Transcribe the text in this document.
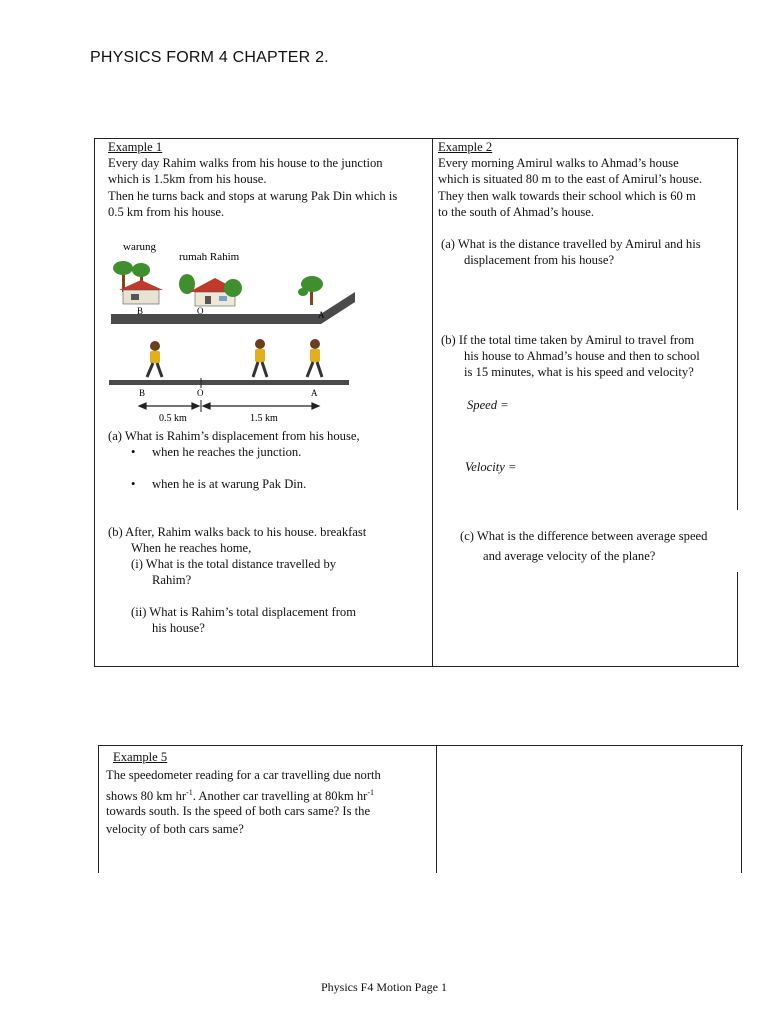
PHYSICS FORM 4 CHAPTER 2.
Example 1
Every day Rahim walks from his house to the junction
which is 1.5km from his house.
Then he turns back and stops at warung Pak Din which is
0.5 km from his house.
warung
rumah Rahim
B	O	A
B	O	A
0.5 km	1.5 km
(a) What is Rahim’s displacement from his house,
• when he reaches the junction.
• when he is at warung Pak Din.
(b) After, Rahim walks back to his house. breakfast
When he reaches home,
(i) What is the total distance travelled by
Rahim?
(ii) What is Rahim’s total displacement from
his house?
Example 2
Every morning Amirul walks to Ahmad’s house
which is situated 80 m to the east of Amirul’s house.
They then walk towards their school which is 60 m
to the south of Ahmad’s house.
(a) What is the distance travelled by Amirul and his
displacement from his house?
(b) If the total time taken by Amirul to travel from
his house to Ahmad’s house and then to school
is 15 minutes, what is his speed and velocity?
Speed =
Velocity =
(c) What is the difference between average speed
and average velocity of the plane?
Example 5
The speedometer reading for a car travelling due north
shows 80 km $hr^{-1}$. Another car travelling at 80km $hr^{-1}$
towards south. Is the speed of both cars same? Is the
velocity of both cars same?
Physics F4 Motion Page 1
